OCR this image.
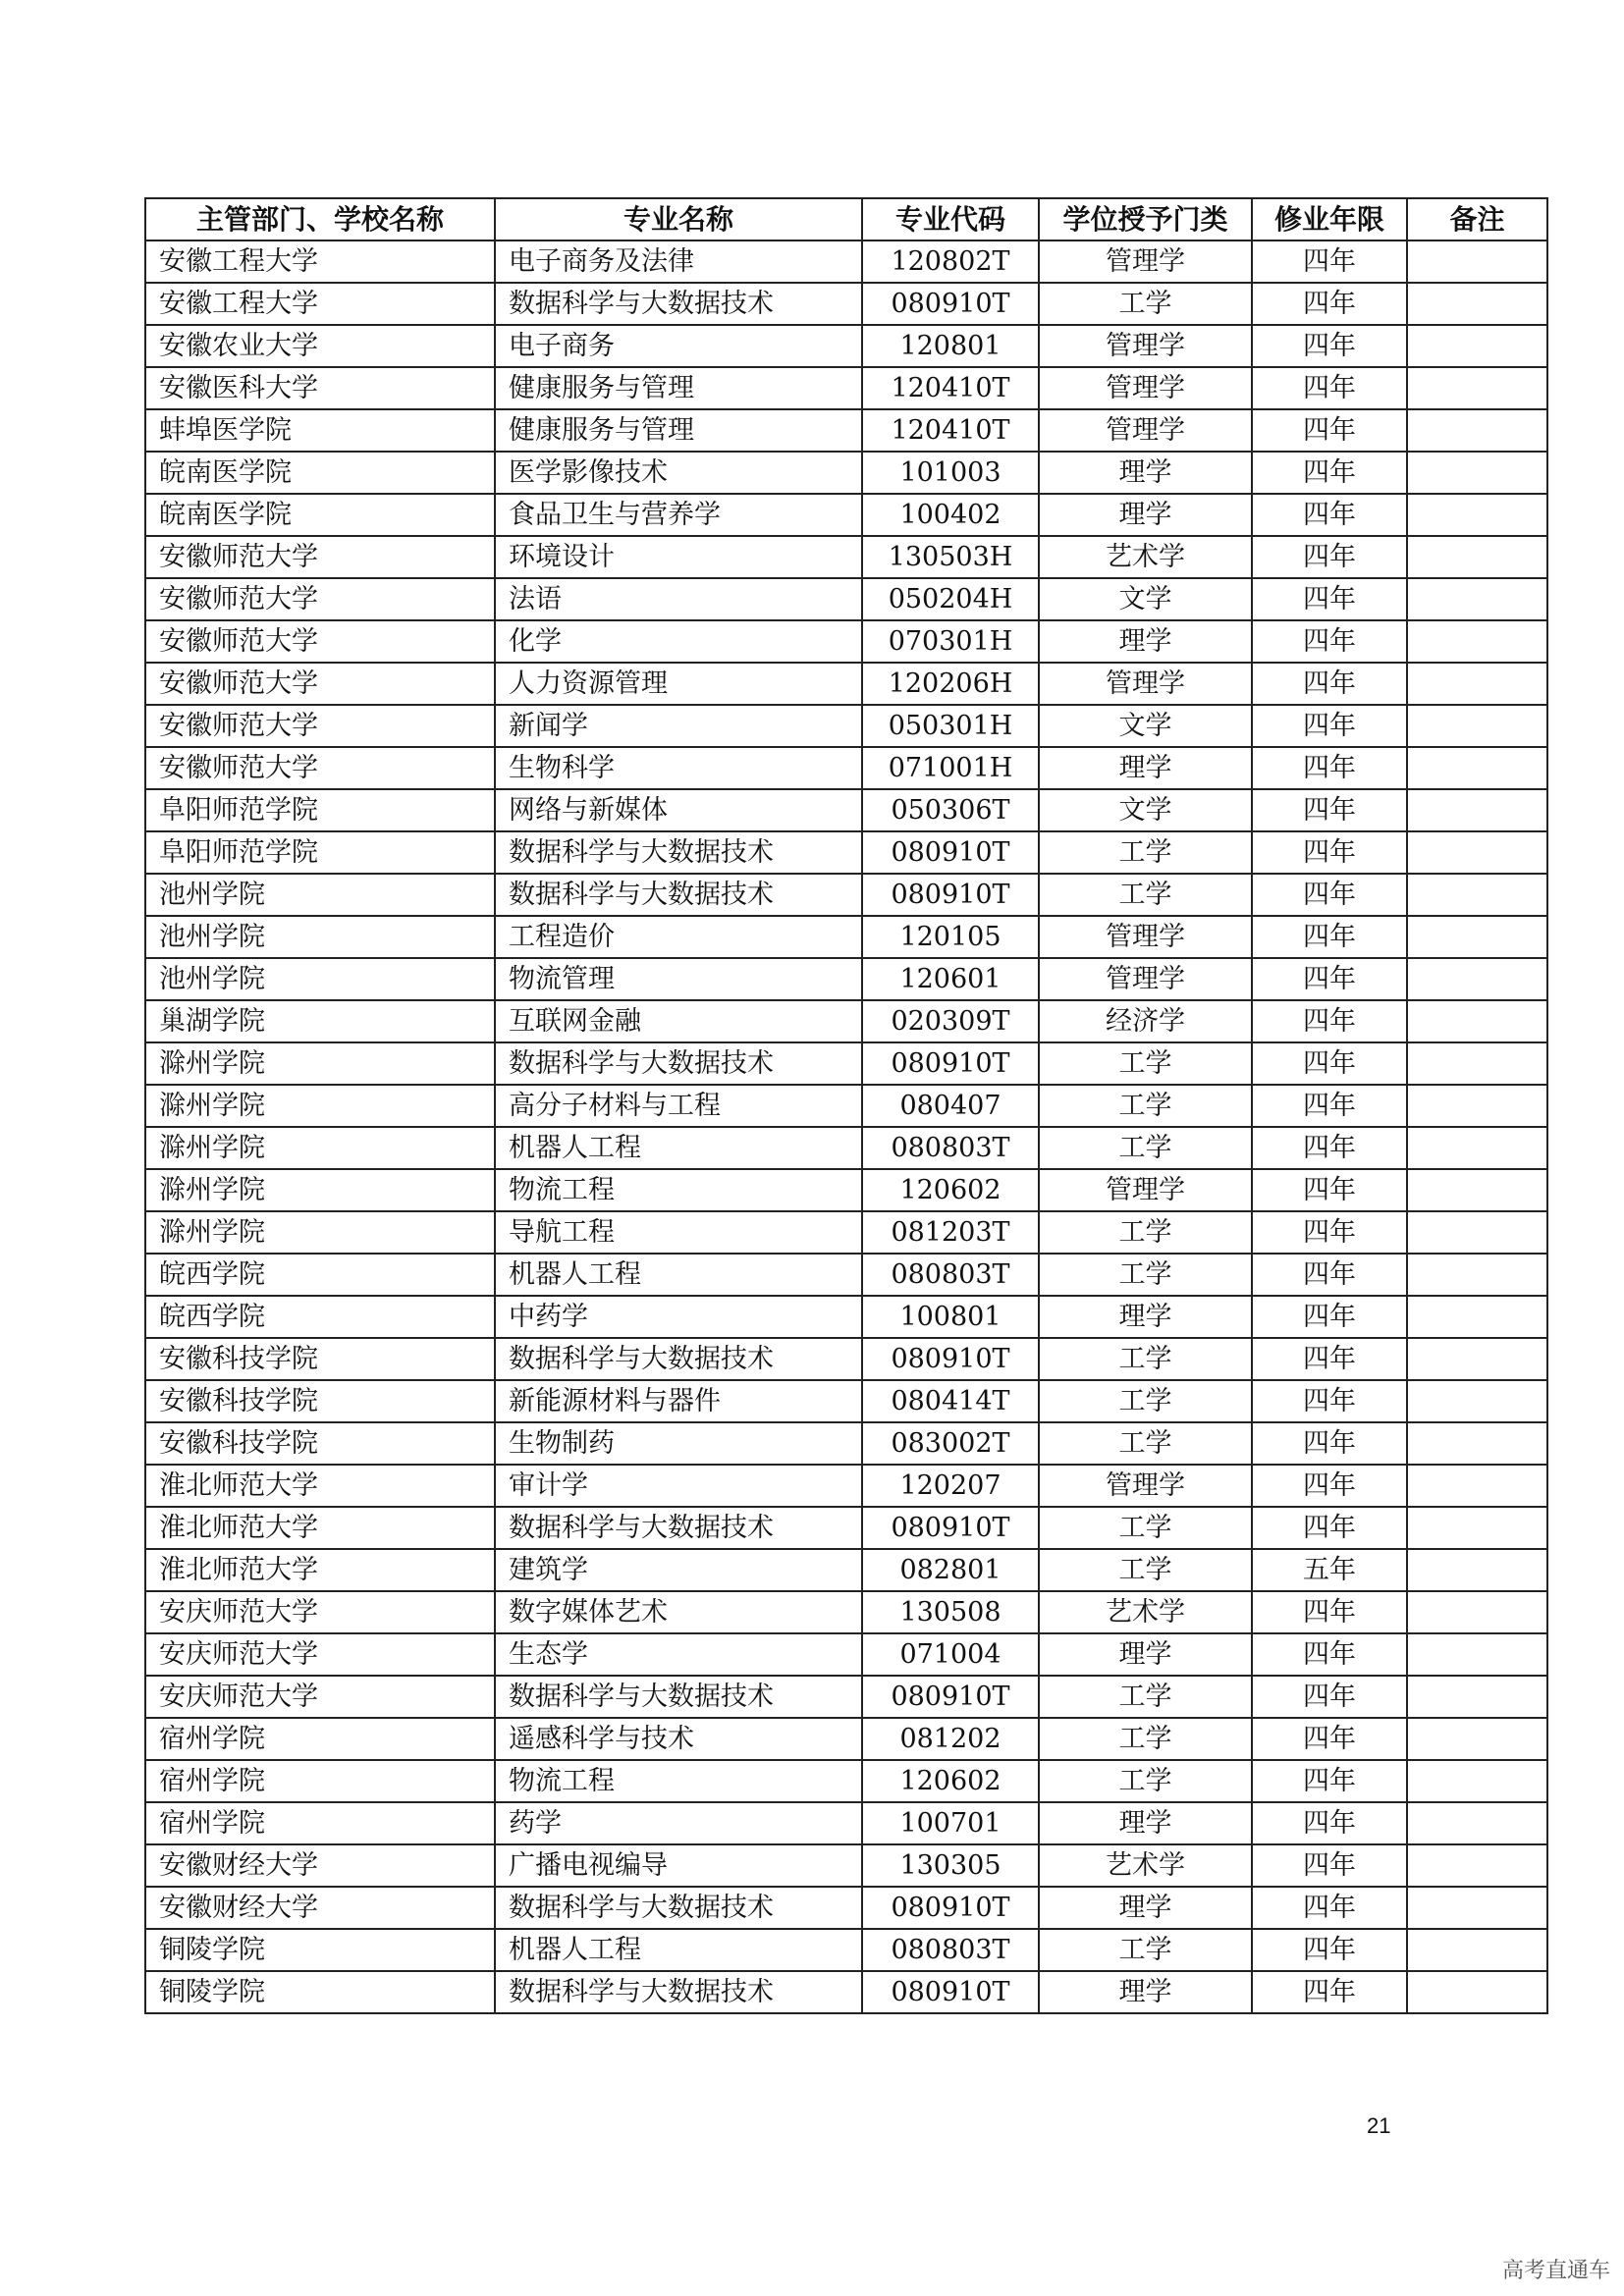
主管部门、学校名称	专业名称	专业代码	学位授予门类	修业年限	备注
安徽工程大学	电子商务及法律	120802T	管理学	四年	
安徽工程大学	数据科学与大数据技术	080910T	工学	四年	
安徽农业大学	电子商务	120801	管理学	四年	
安徽医科大学	健康服务与管理	120410T	管理学	四年	
蚌埠医学院	健康服务与管理	120410T	管理学	四年	
皖南医学院	医学影像技术	101003	理学	四年	
皖南医学院	食品卫生与营养学	100402	理学	四年	
安徽师范大学	环境设计	130503H	艺术学	四年	
安徽师范大学	法语	050204H	文学	四年	
安徽师范大学	化学	070301H	理学	四年	
安徽师范大学	人力资源管理	120206H	管理学	四年	
安徽师范大学	新闻学	050301H	文学	四年	
安徽师范大学	生物科学	071001H	理学	四年	
阜阳师范学院	网络与新媒体	050306T	文学	四年	
阜阳师范学院	数据科学与大数据技术	080910T	工学	四年	
池州学院	数据科学与大数据技术	080910T	工学	四年	
池州学院	工程造价	120105	管理学	四年	
池州学院	物流管理	120601	管理学	四年	
巢湖学院	互联网金融	020309T	经济学	四年	
滁州学院	数据科学与大数据技术	080910T	工学	四年	
滁州学院	高分子材料与工程	080407	工学	四年	
滁州学院	机器人工程	080803T	工学	四年	
滁州学院	物流工程	120602	管理学	四年	
滁州学院	导航工程	081203T	工学	四年	
皖西学院	机器人工程	080803T	工学	四年	
皖西学院	中药学	100801	理学	四年	
安徽科技学院	数据科学与大数据技术	080910T	工学	四年	
安徽科技学院	新能源材料与器件	080414T	工学	四年	
安徽科技学院	生物制药	083002T	工学	四年	
淮北师范大学	审计学	120207	管理学	四年	
淮北师范大学	数据科学与大数据技术	080910T	工学	四年	
淮北师范大学	建筑学	082801	工学	五年	
安庆师范大学	数字媒体艺术	130508	艺术学	四年	
安庆师范大学	生态学	071004	理学	四年	
安庆师范大学	数据科学与大数据技术	080910T	工学	四年	
宿州学院	遥感科学与技术	081202	工学	四年	
宿州学院	物流工程	120602	工学	四年	
宿州学院	药学	100701	理学	四年	
安徽财经大学	广播电视编导	130305	艺术学	四年	
安徽财经大学	数据科学与大数据技术	080910T	理学	四年	
铜陵学院	机器人工程	080803T	工学	四年	
铜陵学院	数据科学与大数据技术	080910T	理学	四年	
21
高考直通车
